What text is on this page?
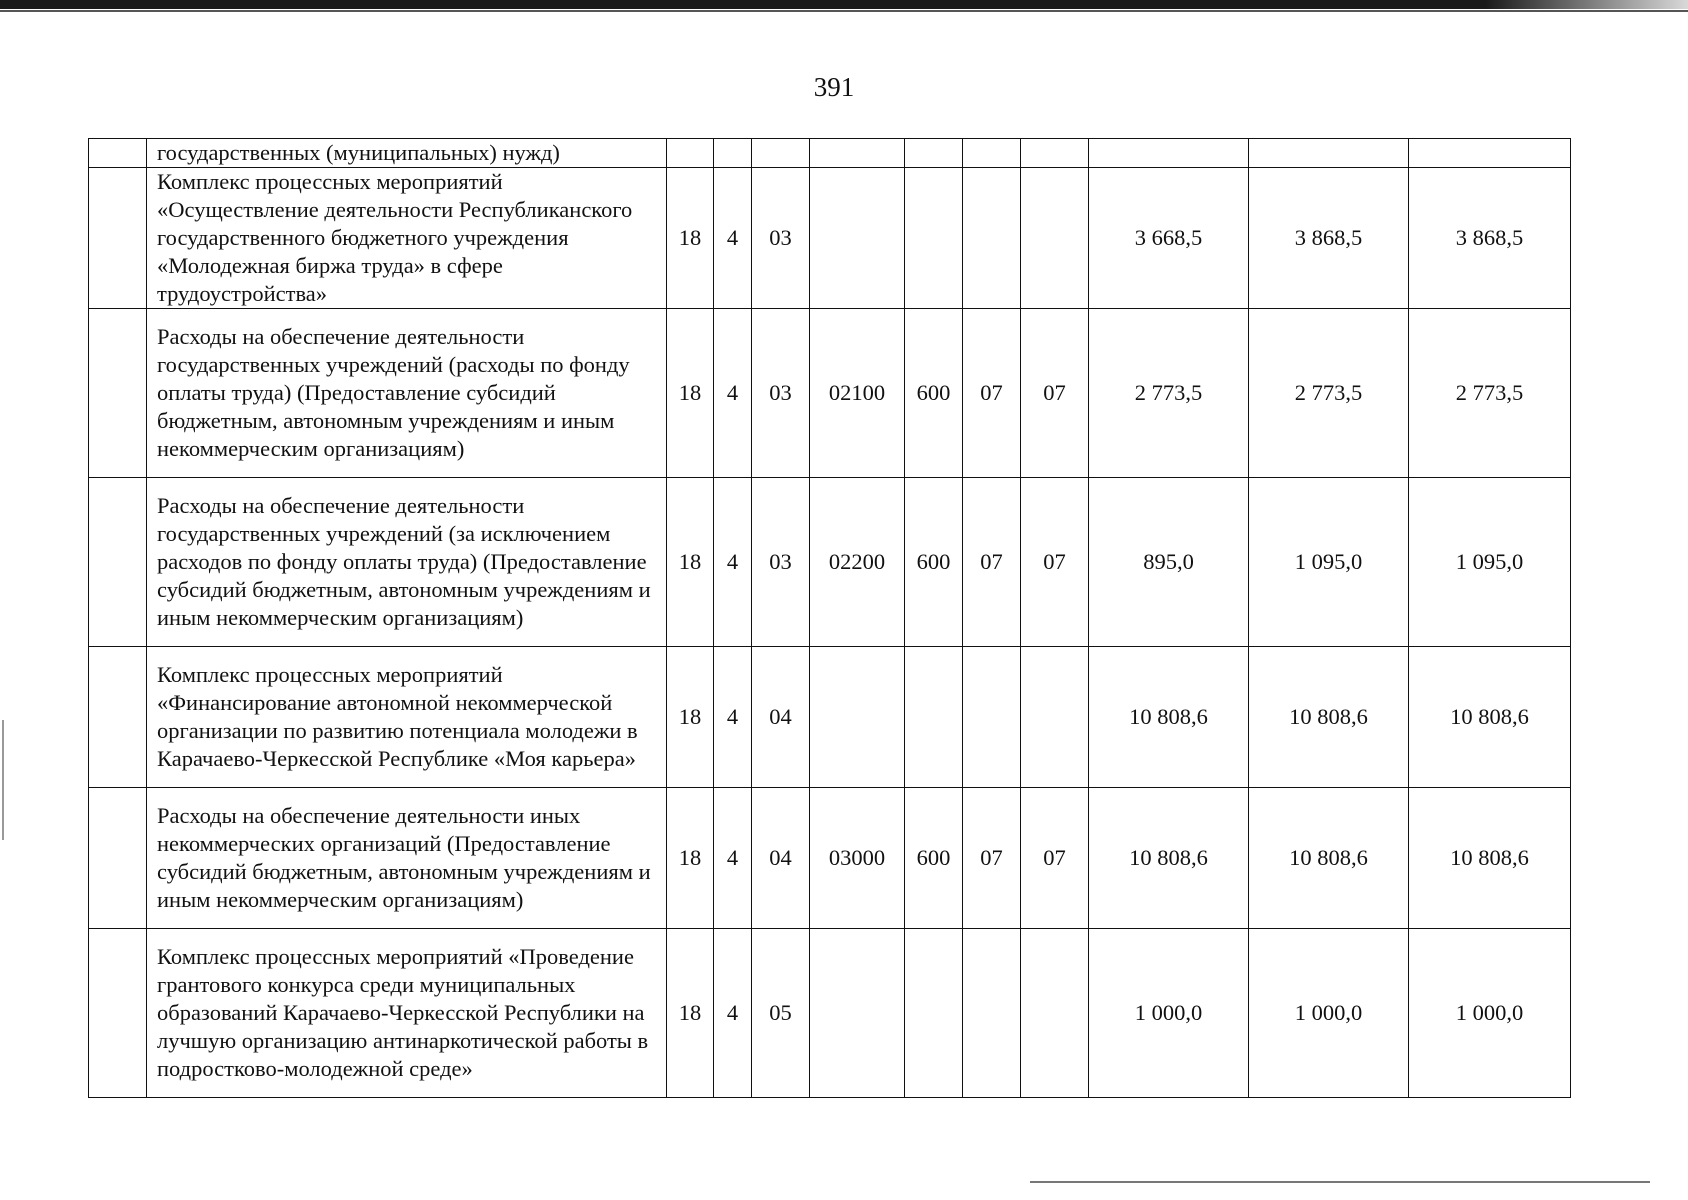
391
	государственных (муниципальных) нужд)										
	Комплекс процессных мероприятий «Осуществление деятельности Республиканского государственного бюджетного учреждения «Молодежная биржа труда» в сфере трудоустройства»	18	4	03					3 668,5	3 868,5	3 868,5
	Расходы на обеспечение деятельности государственных учреждений (расходы по фонду оплаты труда) (Предоставление субсидий бюджетным, автономным учреждениям и иным некоммерческим организациям)	18	4	03	02100	600	07	07	2 773,5	2 773,5	2 773,5
	Расходы на обеспечение деятельности государственных учреждений (за исключением расходов по фонду оплаты труда) (Предоставление субсидий бюджетным, автономным учреждениям и иным некоммерческим организациям)	18	4	03	02200	600	07	07	895,0	1 095,0	1 095,0
	Комплекс процессных мероприятий «Финансирование автономной некоммерческой организации по развитию потенциала молодежи в Карачаево-Черкесской Республике «Моя карьера»	18	4	04					10 808,6	10 808,6	10 808,6
	Расходы на обеспечение деятельности иных некоммерческих организаций (Предоставление субсидий бюджетным, автономным учреждениям и иным некоммерческим организациям)	18	4	04	03000	600	07	07	10 808,6	10 808,6	10 808,6
	Комплекс процессных мероприятий «Проведение грантового конкурса среди муниципальных образований Карачаево-Черкесской Республики на лучшую организацию антинаркотической работы в подростково-молодежной среде»	18	4	05					1 000,0	1 000,0	1 000,0
